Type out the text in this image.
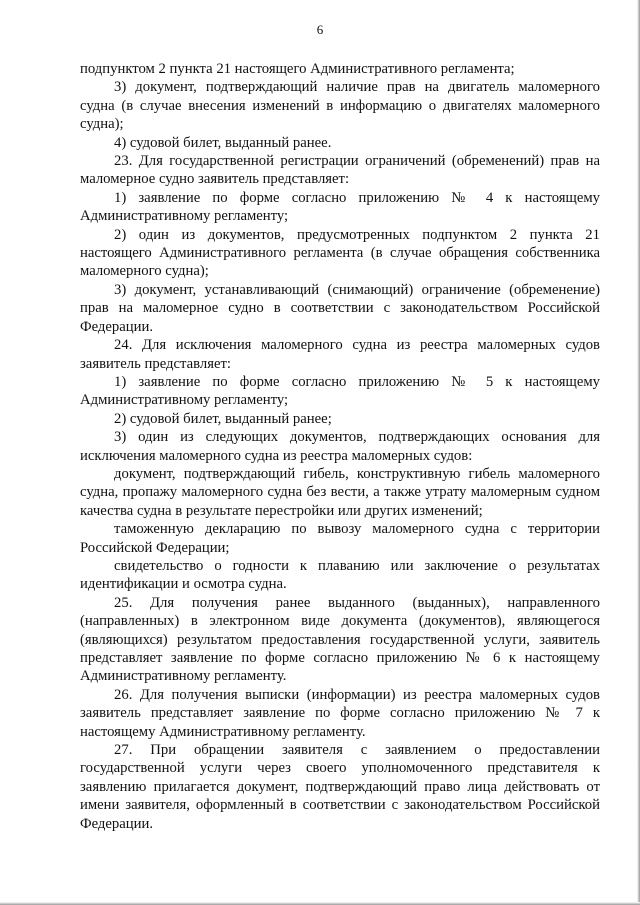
6

подпунктом 2 пункта 21 настоящего Административного регламента;

3) документ, подтверждающий наличие прав на двигатель маломерного судна (в случае внесения изменений в информацию о двигателях маломерного судна);

4) судовой билет, выданный ранее.

23. Для государственной регистрации ограничений (обременений) прав на маломерное судно заявитель представляет:

1) заявление по форме согласно приложению № 4 к настоящему Административному регламенту;

2) один из документов, предусмотренных подпунктом 2 пункта 21 настоящего Административного регламента (в случае обращения собственника маломерного судна);

3) документ, устанавливающий (снимающий) ограничение (обременение) прав на маломерное судно в соответствии с законодательством Российской Федерации.

24. Для исключения маломерного судна из реестра маломерных судов заявитель представляет:

1) заявление по форме согласно приложению № 5 к настоящему Административному регламенту;

2) судовой билет, выданный ранее;

3) один из следующих документов, подтверждающих основания для исключения маломерного судна из реестра маломерных судов:

документ, подтверждающий гибель, конструктивную гибель маломерного судна, пропажу маломерного судна без вести, а также утрату маломерным судном качества судна в результате перестройки или других изменений;

таможенную декларацию по вывозу маломерного судна с территории Российской Федерации;

свидетельство о годности к плаванию или заключение о результатах идентификации и осмотра судна.

25. Для получения ранее выданного (выданных), направленного (направленных) в электронном виде документа (документов), являющегося (являющихся) результатом предоставления государственной услуги, заявитель представляет заявление по форме согласно приложению № 6 к настоящему Административному регламенту.

26. Для получения выписки (информации) из реестра маломерных судов заявитель представляет заявление по форме согласно приложению № 7 к настоящему Административному регламенту.

27. При обращении заявителя с заявлением о предоставлении государственной услуги через своего уполномоченного представителя к заявлению прилагается документ, подтверждающий право лица действовать от имени заявителя, оформленный в соответствии с законодательством Российской Федерации.
